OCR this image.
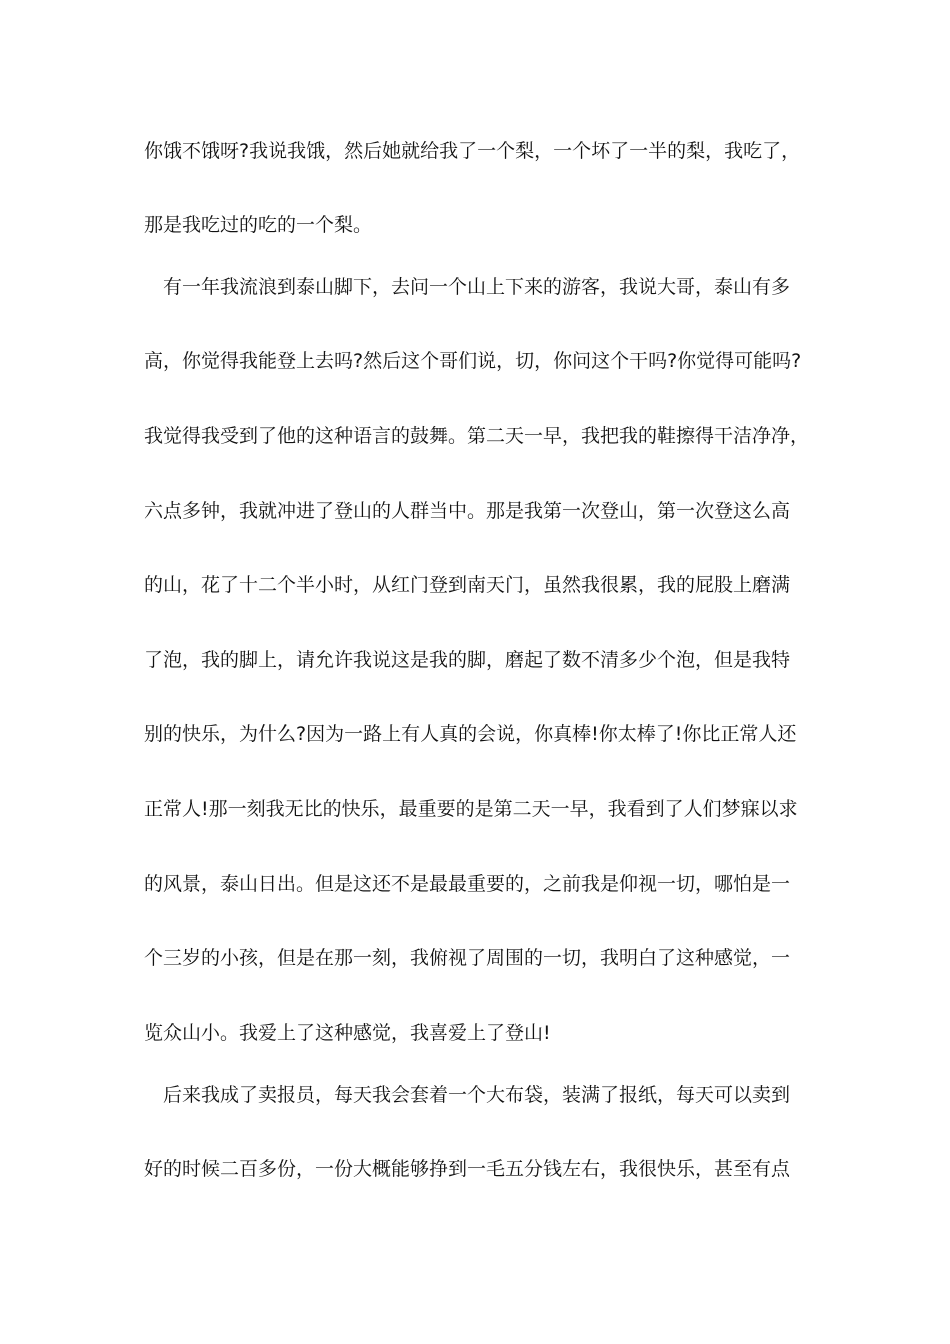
你饿不饿呀?我说我饿，然后她就给我了一个梨，一个坏了一半的梨，我吃了，
那是我吃过的吃的一个梨。
　有一年我流浪到泰山脚下，去问一个山上下来的游客，我说大哥，泰山有多
高，你觉得我能登上去吗?然后这个哥们说，切，你问这个干吗?你觉得可能吗?
我觉得我受到了他的这种语言的鼓舞。第二天一早，我把我的鞋擦得干洁净净，
六点多钟，我就冲进了登山的人群当中。那是我第一次登山，第一次登这么高
的山，花了十二个半小时，从红门登到南天门，虽然我很累，我的屁股上磨满
了泡，我的脚上，请允许我说这是我的脚，磨起了数不清多少个泡，但是我特
别的快乐，为什么?因为一路上有人真的会说，你真棒!你太棒了!你比正常人还
正常人!那一刻我无比的快乐，最重要的是第二天一早，我看到了人们梦寐以求
的风景，泰山日出。但是这还不是最最重要的，之前我是仰视一切，哪怕是一
个三岁的小孩，但是在那一刻，我俯视了周围的一切，我明白了这种感觉，一
览众山小。我爱上了这种感觉，我喜爱上了登山!
　后来我成了卖报员，每天我会套着一个大布袋，装满了报纸，每天可以卖到
好的时候二百多份，一份大概能够挣到一毛五分钱左右，我很快乐，甚至有点
